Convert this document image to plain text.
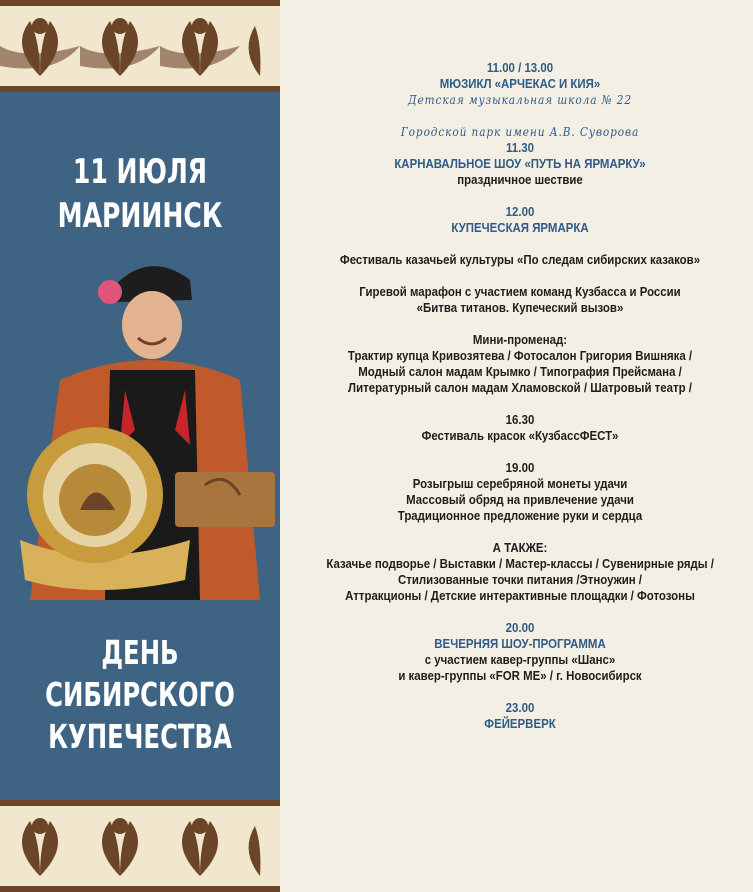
11 ИЮЛЯ
МАРИИНСК
ДЕНЬ
СИБИРСКОГО
КУПЕЧЕСТВА
11.00 / 13.00
МЮЗИКЛ «АРЧЕКАС И КИЯ»
Детская музыкальная школа № 22
Городской парк имени А.В. Суворова
11.30
КАРНАВАЛЬНОЕ ШОУ «ПУТЬ НА ЯРМАРКУ»
праздничное шествие
12.00
КУПЕЧЕСКАЯ ЯРМАРКА
Фестиваль казачьей культуры «По следам сибирских казаков»
Гиревой марафон с участием команд Кузбасса и России
«Битва титанов. Купеческий вызов»
Мини-променад:
Трактир купца Кривозятева / Фотосалон Григория Вишняка /
Модный салон мадам Крымко / Типография Прейсмана /
Литературный салон мадам Хламовской / Шатровый театр /
16.30
Фестиваль красок «КузбассФЕСТ»
19.00
Розыгрыш серебряной монеты удачи
Массовый обряд на привлечение удачи
Традиционное предложение руки и сердца
А ТАКЖЕ:
Казачье подворье / Выставки / Мастер-классы / Сувенирные ряды /
Стилизованные точки питания /Этноужин /
Аттракционы / Детские интерактивные площадки / Фотозоны
20.00
ВЕЧЕРНЯЯ ШОУ-ПРОГРАММА
с участием кавер-группы «Шанс»
и кавер-группы «FOR ME» / г. Новосибирск
23.00
ФЕЙЕРВЕРК
